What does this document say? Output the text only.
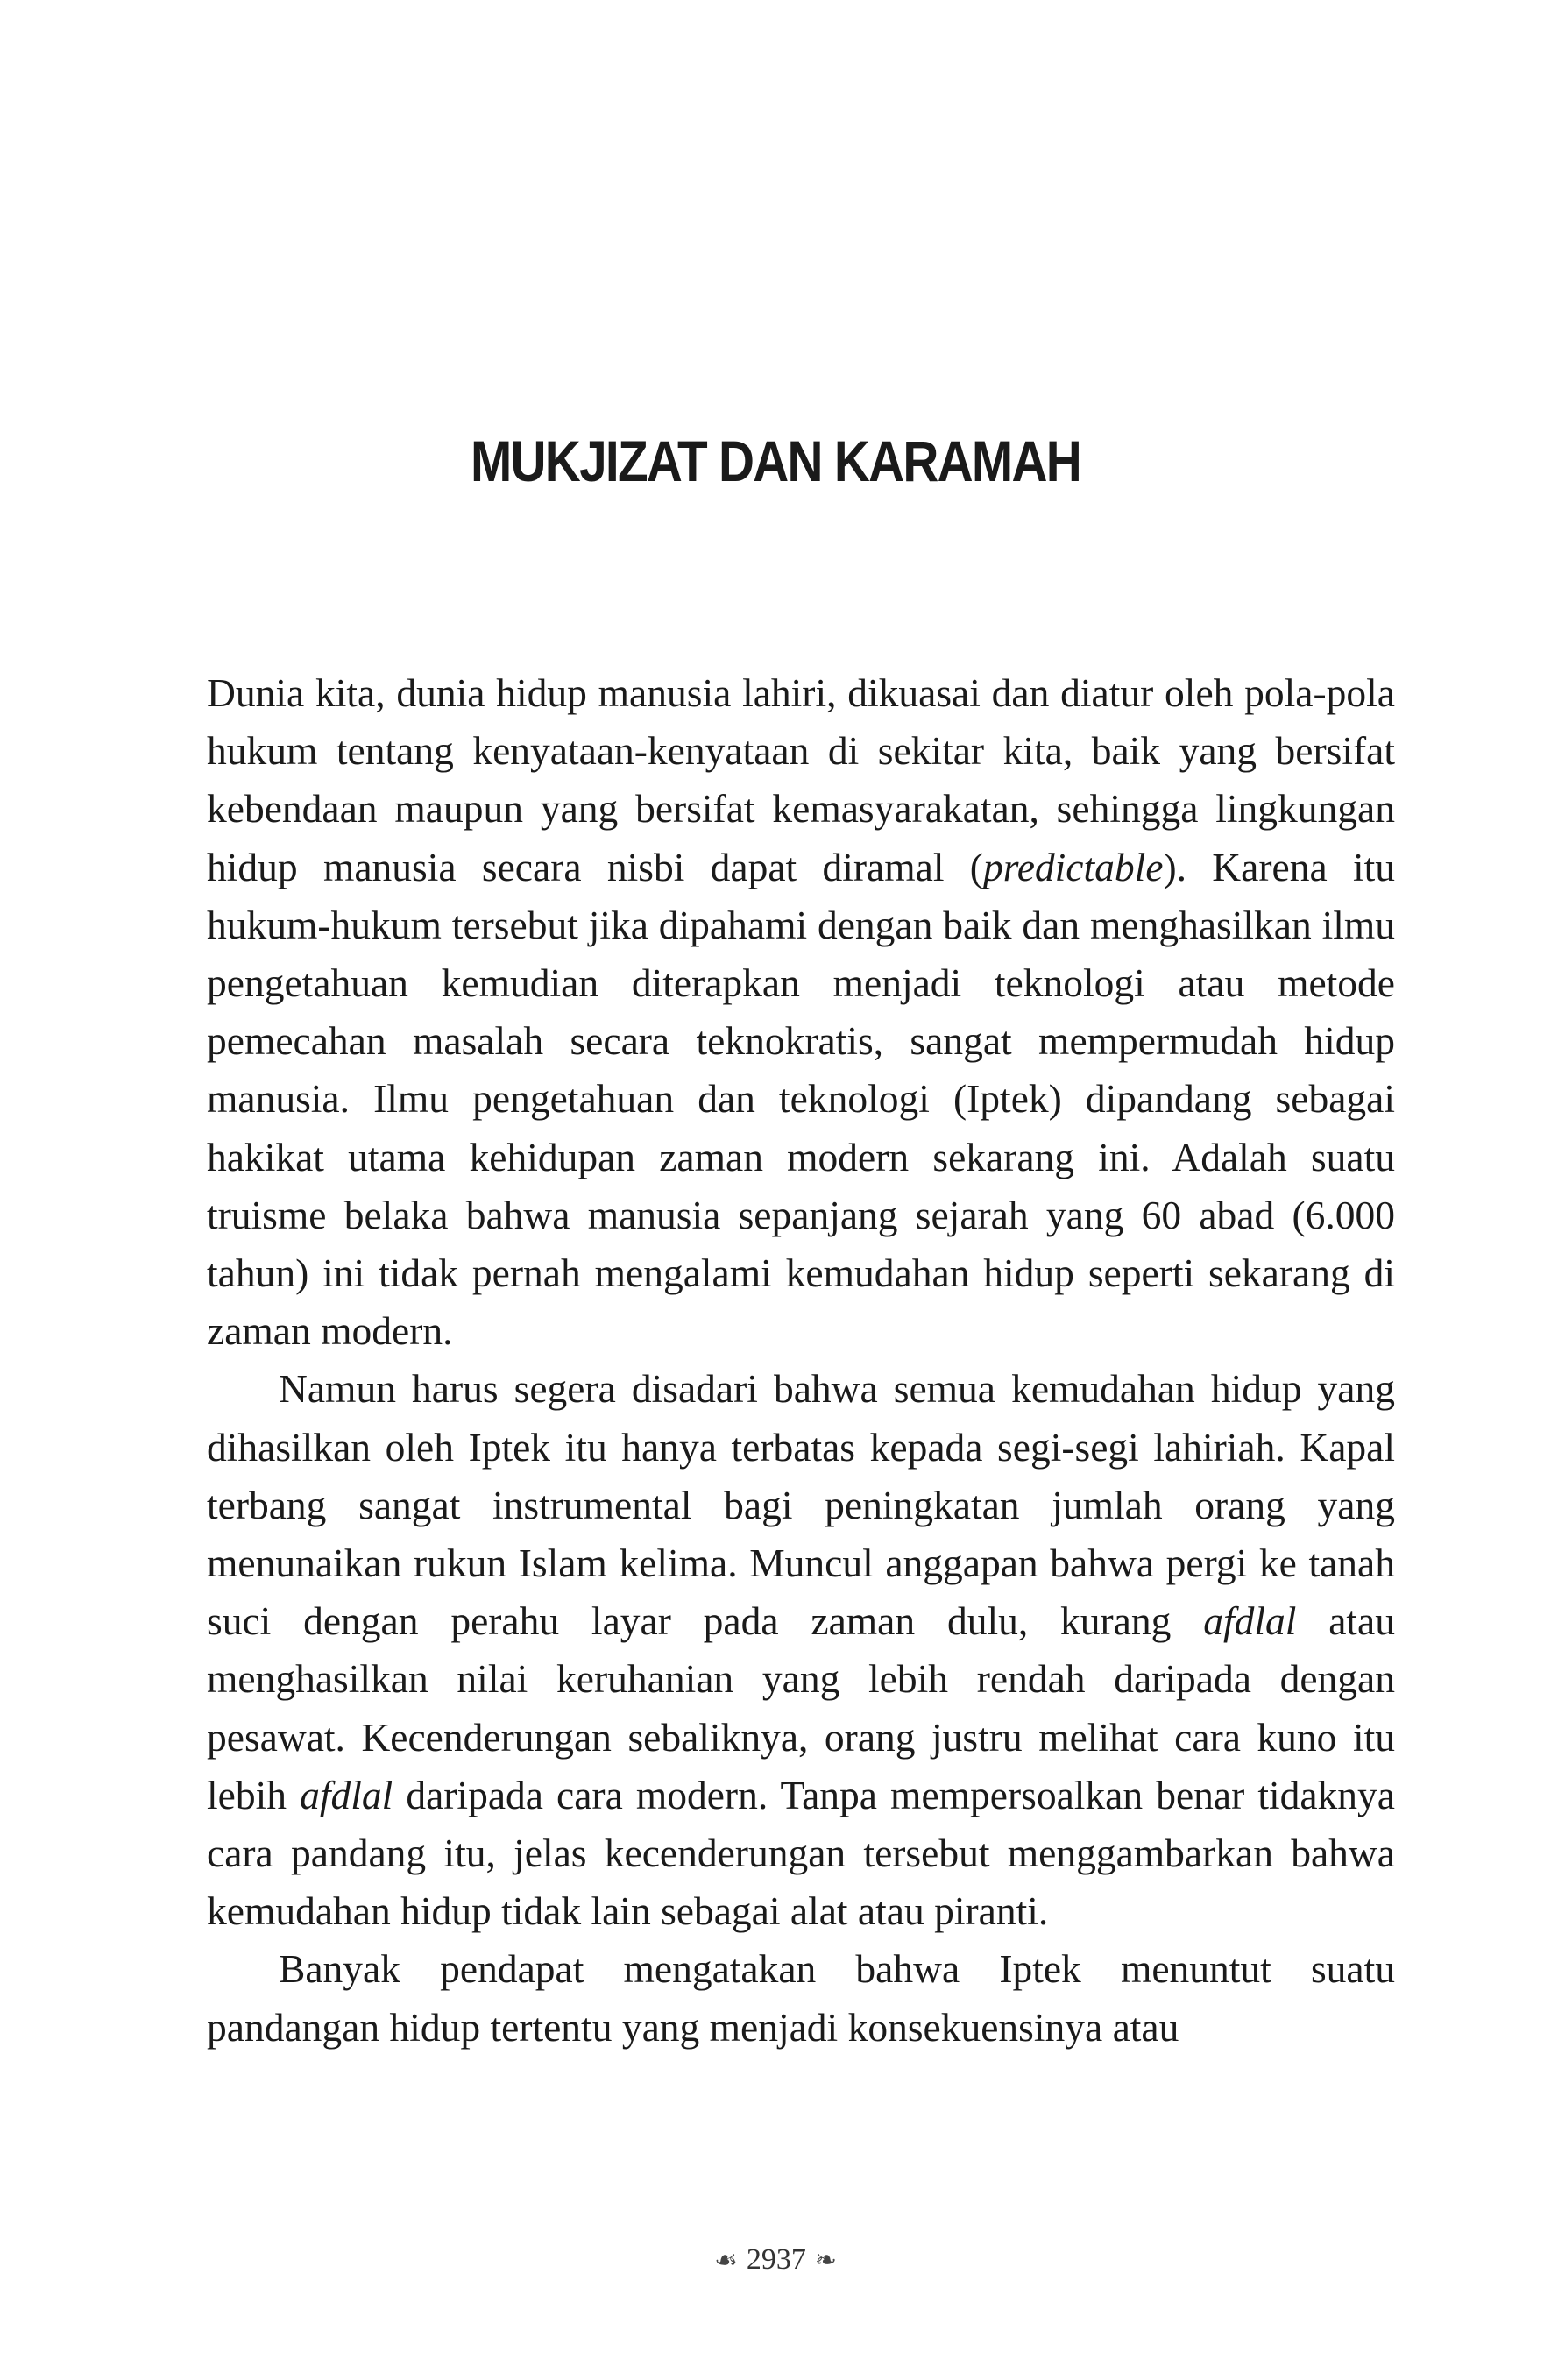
MUKJIZAT DAN KARAMAH

Dunia kita, dunia hidup manusia lahiri, dikuasai dan diatur oleh pola-pola hukum tentang kenyataan-kenyataan di sekitar kita, baik yang bersifat kebendaan maupun yang bersifat kemasyarakatan, sehingga lingkungan hidup manusia secara nisbi dapat diramal (predictable). Karena itu hukum-hukum tersebut jika dipahami dengan baik dan menghasilkan ilmu pengetahuan kemudian diterapkan menjadi teknologi atau metode pemecahan masalah secara teknokratis, sangat mempermudah hidup manusia. Ilmu pengetahuan dan teknologi (Iptek) dipandang sebagai hakikat utama kehidupan zaman modern sekarang ini. Adalah suatu truisme belaka bahwa manusia sepanjang sejarah yang 60 abad (6.000 tahun) ini tidak pernah mengalami kemudahan hidup seperti sekarang di zaman modern.

Namun harus segera disadari bahwa semua kemudahan hidup yang dihasilkan oleh Iptek itu hanya terbatas kepada segi-segi lahiriah. Kapal terbang sangat instrumental bagi peningkatan jumlah orang yang menunaikan rukun Islam kelima. Muncul anggapan bahwa pergi ke tanah suci dengan perahu layar pada zaman dulu, kurang afdlal atau menghasilkan nilai keruhanian yang lebih rendah daripada dengan pesawat. Kecenderungan sebaliknya, orang justru melihat cara kuno itu lebih afdlal daripada cara modern. Tanpa mempersoalkan benar tidaknya cara pandang itu, jelas kecenderungan tersebut menggambarkan bahwa kemudahan hidup tidak lain sebagai alat atau piranti.

Banyak pendapat mengatakan bahwa Iptek menuntut suatu pandangan hidup tertentu yang menjadi konsekuensinya atau

☙ 2937 ❧
